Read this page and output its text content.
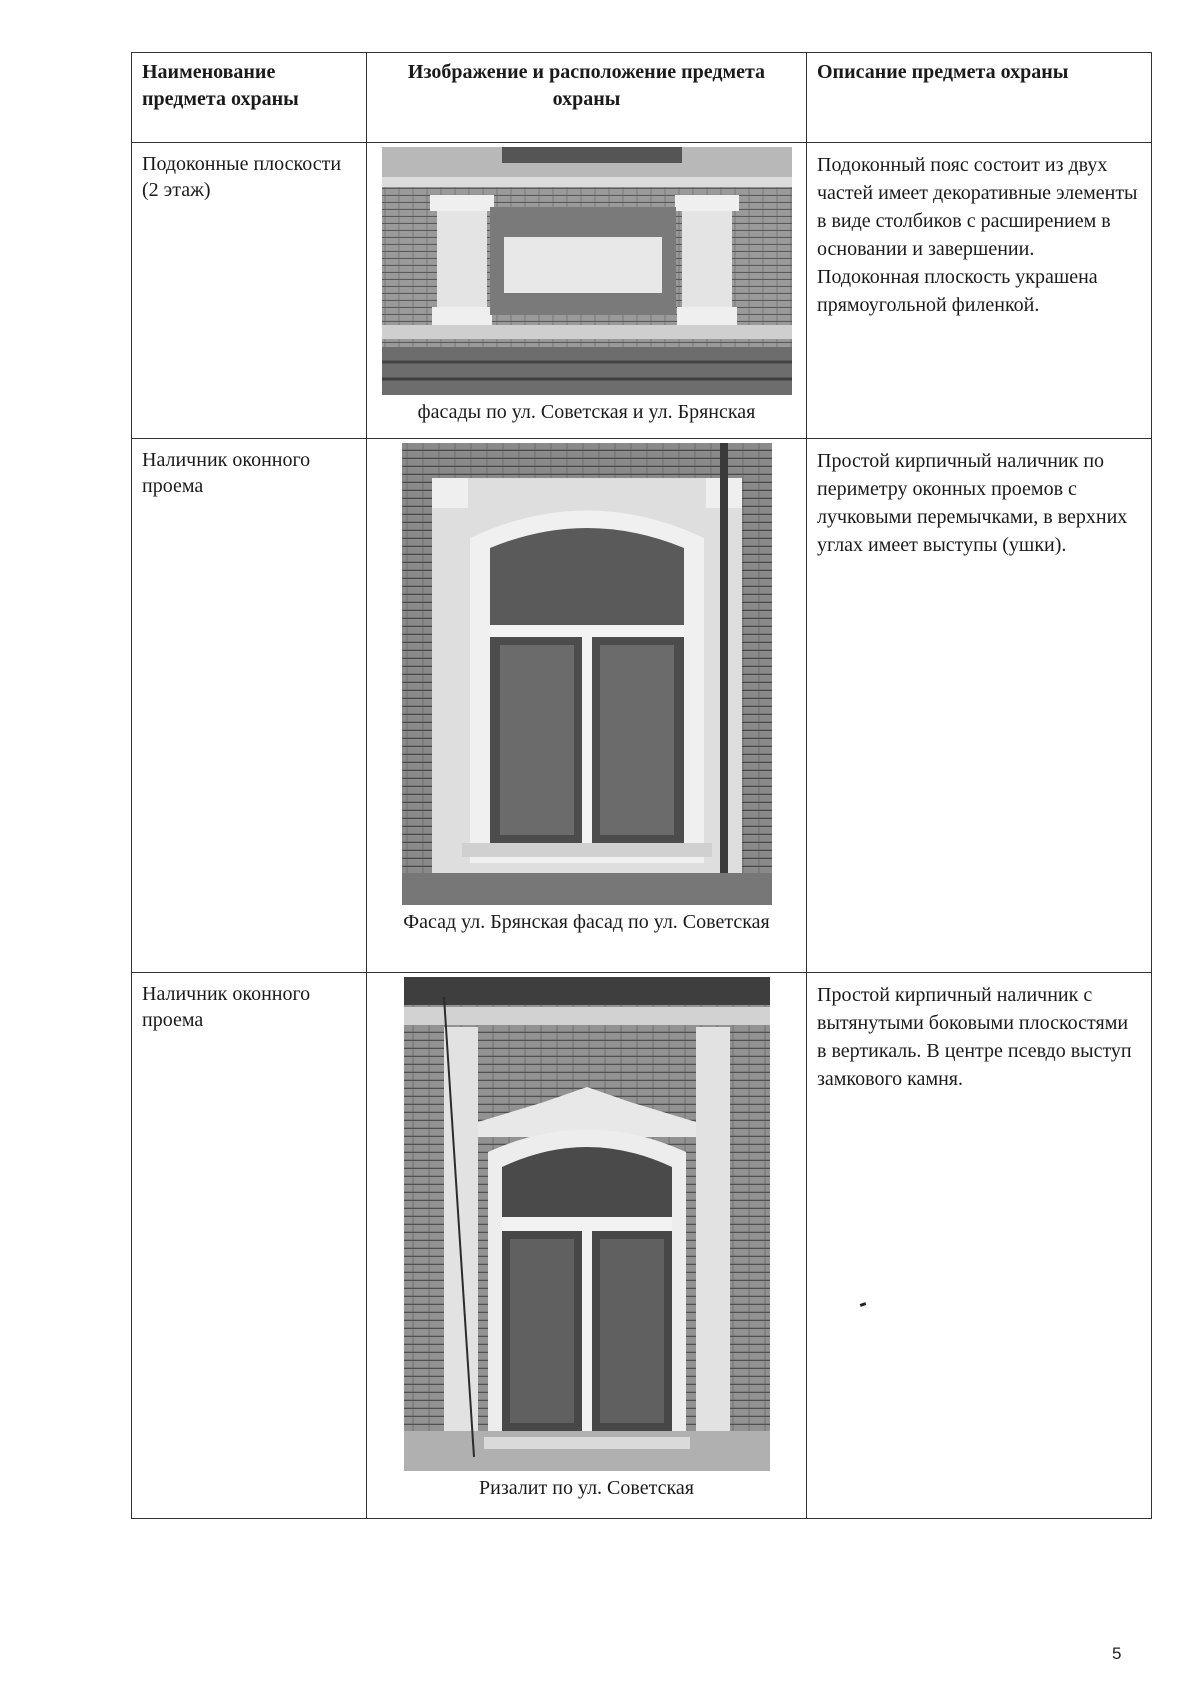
Наименование предмета охраны	Изображение и расположение предмета охраны	Описание предмета охраны
Подоконные плоскости (2 этаж)	фасады по ул. Советская и ул. Брянская	Подоконный пояс состоит из двух частей имеет декоративные элементы в виде столбиков с расширением в основании и завершении. Подоконная плоскость украшена прямоугольной филенкой.
Наличник оконного проема	Фасад ул. Брянская фасад по ул. Советская	Простой кирпичный наличник по периметру оконных проемов с лучковыми перемычками, в верхних углах имеет выступы (ушки).
Наличник оконного проема	Ризалит по ул. Советская	Простой кирпичный наличник с вытянутыми боковыми плоскостями в вертикаль. В центре псевдо выступ замкового камня.
5
